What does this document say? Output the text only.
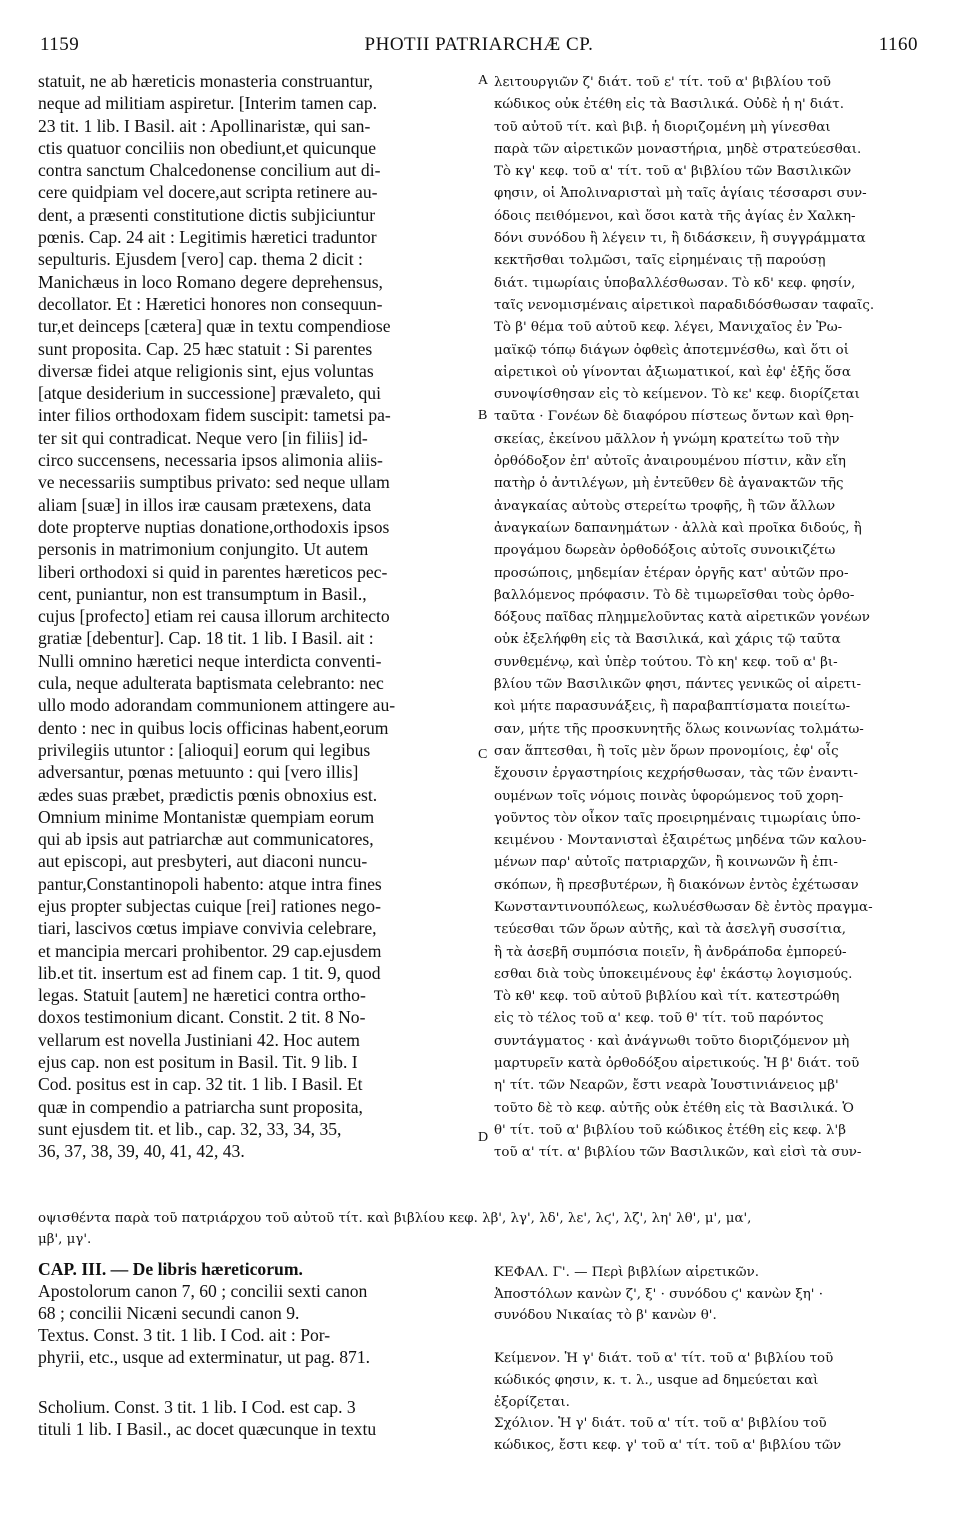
1159	PHOTII PATRIARCHÆ CP.	1160
A
B
C
D
statuit, ne ab hæreticis monasteria construantur,
neque ad militiam aspiretur. [Interim tamen cap.
23 tit. 1 lib. I Basil. ait : Apollinaristæ, qui san-
ctis quatuor conciliis non obediunt,et quicunque
contra sanctum Chalcedonense concilium aut di-
cere quidpiam vel docere,aut scripta retinere au-
dent, a præsenti constitutione dictis subjiciuntur
pœnis. Cap. 24 ait : Legitimis hæretici traduntor
sepulturis. Ejusdem [vero] cap. thema 2 dicit :
Manichæus in loco Romano degere deprehensus,
decollator. Et : Hæretici honores non consequun-
tur,et deinceps [cætera] quæ in textu compendiose
sunt proposita. Cap. 25 hæc statuit : Si parentes
diversæ fidei atque religionis sint, ejus voluntas
[atque desiderium in successione] prævaleto, qui
inter filios orthodoxam fidem suscipit: tametsi pa-
ter sit qui contradicat. Neque vero [in filiis] id-
circo succensens, necessaria ipsos alimonia aliis-
ve necessariis sumptibus privato: sed neque ullam
aliam [suæ] in illos iræ causam prætexens, data
dote propterve nuptias donatione,orthodoxis ipsos
personis in matrimonium conjungito. Ut autem
liberi orthodoxi si quid in parentes hæreticos pec-
cent, puniantur, non est transumptum in Basil.,
cujus [profecto] etiam rei causa illorum architecto
gratiæ [debentur]. Cap. 18 tit. 1 lib. I Basil. ait :
Nulli omnino hæretici neque interdicta conventi-
cula, neque adulterata baptismata celebranto: nec
ullo modo adorandam communionem attingere au-
dento : nec in quibus locis officinas habent,eorum
privilegiis utuntor : [alioqui] eorum qui legibus
adversantur, pœnas metuunto : qui [vero illis]
ædes suas præbet, prædictis pœnis obnoxius est.
Omnium minime Montanistæ quempiam eorum
qui ab ipsis aut patriarchæ aut communicatores,
aut episcopi, aut presbyteri, aut diaconi nuncu-
pantur,Constantinopoli habento: atque intra fines
ejus propter subjectas cuique [rei] rationes nego-
tiari, lascivos cœtus impiave convivia celebrare,
et mancipia mercari prohibentor. 29 cap.ejusdem
lib.et tit. insertum est ad finem cap. 1 tit. 9, quod
legas. Statuit [autem] ne hæretici contra ortho-
doxos testimonium dicant. Constit. 2 tit. 8 No-
vellarum est novella Justiniani 42. Hoc autem
ejus cap. non est positum in Basil. Tit. 9 lib. I
Cod. positus est in cap. 32 tit. 1 lib. I Basil. Et
quæ in compendio a patriarcha sunt proposita,
sunt ejusdem tit. et lib., cap. 32, 33, 34, 35,
36, 37, 38, 39, 40, 41, 42, 43.
λειτουργιῶν ζ' διάτ. τοῦ ε' τίτ. τοῦ α' βιβλίου τοῦ
κώδικος οὐκ ἐτέθη εἰς τὰ Βασιλικά. Οὐδὲ ἡ η' διάτ.
τοῦ αὐτοῦ τίτ. καὶ βιβ. ἡ διοριζομένη μὴ γίνεσθαι
παρὰ τῶν αἱρετικῶν μοναστήρια, μηδὲ στρατεύεσθαι.
Τὸ κγ' κεφ. τοῦ α' τίτ. τοῦ α' βιβλίου τῶν Βασιλικῶν
φησιν, οἱ Ἀπολιναρισταὶ μὴ ταῖς ἁγίαις τέσσαρσι συν-
όδοις πειθόμενοι, καὶ ὅσοι κατὰ τῆς ἁγίας ἐν Χαλκη-
δόνι συνόδου ἢ λέγειν τι, ἢ διδάσκειν, ἢ συγγράμματα
κεκτῆσθαι τολμῶσι, ταῖς εἰρημέναις τῇ παρούσῃ
διάτ. τιμωρίαις ὑποβαλλέσθωσαν. Τὸ κδ' κεφ. φησίν,
ταῖς νενομισμέναις αἱρετικοὶ παραδιδόσθωσαν ταφαῖς.
Τὸ β' θέμα τοῦ αὐτοῦ κεφ. λέγει, Μανιχαῖος ἐν Ῥω-
μαϊκῷ τόπῳ διάγων ὀφθεὶς ἀποτεμνέσθω, καὶ ὅτι οἱ
αἱρετικοὶ οὐ γίνονται ἀξιωματικοί, καὶ ἐφ' ἑξῆς ὅσα
συνοψίσθησαν εἰς τὸ κείμενον. Τὸ κε' κεφ. διορίζεται
ταῦτα · Γονέων δὲ διαφόρου πίστεως ὄντων καὶ θρη-
σκείας, ἐκείνου μᾶλλον ἡ γνώμη κρατείτω τοῦ τὴν
ὀρθόδοξον ἐπ' αὐτοῖς ἀναιρουμένου πίστιν, κἂν εἴη
πατὴρ ὁ ἀντιλέγων, μὴ ἐντεῦθεν δὲ ἀγανακτῶν τῆς
ἀναγκαίας αὐτοὺς στερείτω τροφῆς, ἢ τῶν ἄλλων
ἀναγκαίων δαπανημάτων · ἀλλὰ καὶ προῖκα διδούς, ἢ
προγάμου δωρεὰν ὀρθοδόξοις αὐτοῖς συνοικιζέτω
προσώποις, μηδεμίαν ἑτέραν ὀργῆς κατ' αὐτῶν προ-
βαλλόμενος πρόφασιν. Τὸ δὲ τιμωρεῖσθαι τοὺς ὀρθο-
δόξους παῖδας πλημμελοῦντας κατὰ αἱρετικῶν γονέων
οὐκ ἐξελήφθη εἰς τὰ Βασιλικά, καὶ χάρις τῷ ταῦτα
συνθεμένῳ, καὶ ὑπὲρ τούτου. Τὸ κη' κεφ. τοῦ α' βι-
βλίου τῶν Βασιλικῶν φησι, πάντες γενικῶς οἱ αἱρετι-
κοὶ μήτε παρασυνάξεις, ἢ παραβαπτίσματα ποιείτω-
σαν, μήτε τῆς προσκυνητῆς ὅλως κοινωνίας τολμάτω-
σαν ἅπτεσθαι, ἢ τοῖς μὲν ὅρων προνομίοις, ἐφ' οἷς
ἔχουσιν ἐργαστηρίοις κεχρήσθωσαν, τὰς τῶν ἐναντι-
ουμένων τοῖς νόμοις ποινὰς ὑφορώμενος τοῦ χορη-
γοῦντος τὸν οἶκον ταῖς προειρημέναις τιμωρίαις ὑπο-
κειμένου · Μοντανισταὶ ἐξαιρέτως μηδένα τῶν καλου-
μένων παρ' αὐτοῖς πατριαρχῶν, ἢ κοινωνῶν ἢ ἐπι-
σκόπων, ἢ πρεσβυτέρων, ἢ διακόνων ἐντὸς ἐχέτωσαν
Κωνσταντινουπόλεως, κωλυέσθωσαν δὲ ἐντὸς πραγμα-
τεύεσθαι τῶν ὅρων αὐτῆς, καὶ τὰ ἀσελγῆ συσσίτια,
ἢ τὰ ἀσεβῆ συμπόσια ποιεῖν, ἢ ἀνδράποδα ἐμπορεύ-
εσθαι διὰ τοὺς ὑποκειμένους ἐφ' ἑκάστῳ λογισμούς.
Τὸ κθ' κεφ. τοῦ αὐτοῦ βιβλίου καὶ τίτ. κατεστρώθη
εἰς τὸ τέλος τοῦ α' κεφ. τοῦ θ' τίτ. τοῦ παρόντος
συντάγματος · καὶ ἀνάγνωθι τοῦτο διοριζόμενον μὴ
μαρτυρεῖν κατὰ ὀρθοδόξου αἱρετικούς. Ἡ β' διάτ. τοῦ
η' τίτ. τῶν Νεαρῶν, ἔστι νεαρὰ Ἰουστινιάνειος μβ'
τοῦτο δὲ τὸ κεφ. αὐτῆς οὐκ ἐτέθη εἰς τὰ Βασιλικά. Ὁ
θ' τίτ. τοῦ α' βιβλίου τοῦ κώδικος ἐτέθη εἰς κεφ. λ'β
τοῦ α' τίτ. α' βιβλίου τῶν Βασιλικῶν, καὶ εἰσὶ τὰ συν-
οψισθέντα παρὰ τοῦ πατριάρχου τοῦ αὐτοῦ τίτ. καὶ βιβλίου κεφ. λβ', λγ', λδ', λε', λϛ', λζ', λη' λθ', μ', μα',
μβ', μγ'.
CAP. III. — De libris hæreticorum.
Apostolorum canon 7, 60 ; concilii sexti canon
68 ; concilii Nicæni secundi canon 9.
Textus. Const. 3 tit. 1 lib. I Cod. ait : Por-
phyrii, etc., usque ad exterminatur, ut pag. 871.
Scholium. Const. 3 tit. 1 lib. I Cod. est cap. 3
tituli 1 lib. I Basil., ac docet quæcunque in textu
ΚΕΦΑΛ. Γ'. — Περὶ βιβλίων αἱρετικῶν.
Ἀποστόλων κανὼν ζ', ξ' · συνόδου ϛ' κανὼν ξη' ·
συνόδου Νικαίας τὸ β' κανὼν θ'.
Κείμενον. Ἡ γ' διάτ. τοῦ α' τίτ. τοῦ α' βιβλίου τοῦ
κώδικός φησιν, κ. τ. λ., usque ad δημεύεται καὶ
ἐξορίζεται.
Σχόλιον. Ἡ γ' διάτ. τοῦ α' τίτ. τοῦ α' βιβλίου τοῦ
κώδικος, ἔστι κεφ. γ' τοῦ α' τίτ. τοῦ α' βιβλίου τῶν
